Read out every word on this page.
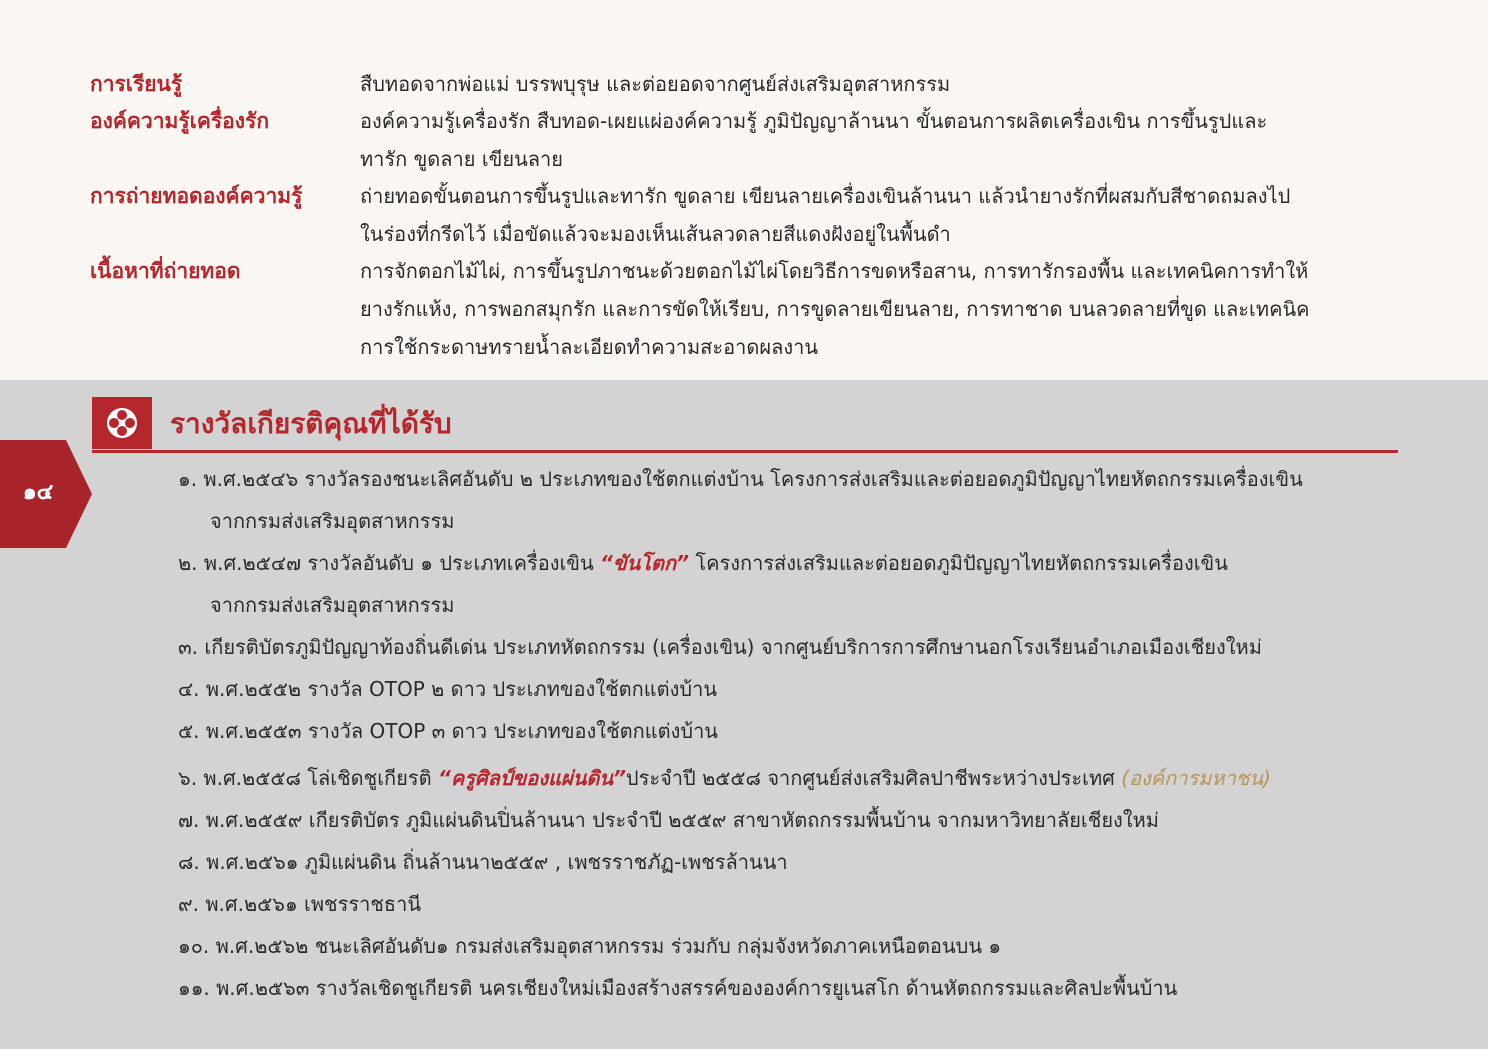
การเรียนรู้	สืบทอดจากพ่อแม่ บรรพบุรุษ และต่อยอดจากศูนย์ส่งเสริมอุตสาหกรรม
องค์ความรู้เครื่องรัก	องค์ความรู้เครื่องรัก สืบทอด-เผยแผ่องค์ความรู้ ภูมิปัญญาล้านนา ขั้นตอนการผลิตเครื่องเขิน การขึ้นรูปและ
ทารัก ขูดลาย เขียนลาย
การถ่ายทอดองค์ความรู้	ถ่ายทอดขั้นตอนการขึ้นรูปและทารัก ขูดลาย เขียนลายเครื่องเขินล้านนา แล้วนำยางรักที่ผสมกับสีชาดถมลงไป
ในร่องที่กรีดไว้ เมื่อขัดแล้วจะมองเห็นเส้นลวดลายสีแดงฝังอยู่ในพื้นดำ
เนื้อหาที่ถ่ายทอด	การจักตอกไม้ไผ่, การขึ้นรูปภาชนะด้วยตอกไม้ไผ่โดยวิธีการขดหรือสาน, การทารักรองพื้น และเทคนิคการทำให้
ยางรักแห้ง, การพอกสมุกรัก และการขัดให้เรียบ, การขูดลายเขียนลาย, การทาชาด บนลวดลายที่ขูด และเทคนิค
การใช้กระดาษทรายน้ำละเอียดทำความสะอาดผลงาน
รางวัลเกียรติคุณที่ได้รับ
๑๔
๑. พ.ศ.๒๕๔๖ รางวัลรองชนะเลิศอันดับ ๒ ประเภทของใช้ตกแต่งบ้าน โครงการส่งเสริมและต่อยอดภูมิปัญญาไทยหัตถกรรมเครื่องเขิน
จากกรมส่งเสริมอุตสาหกรรม
๒. พ.ศ.๒๕๔๗ รางวัลอันดับ ๑ ประเภทเครื่องเขิน “ขันโตก” โครงการส่งเสริมและต่อยอดภูมิปัญญาไทยหัตถกรรมเครื่องเขิน
จากกรมส่งเสริมอุตสาหกรรม
๓. เกียรติบัตรภูมิปัญญาท้องถิ่นดีเด่น ประเภทหัตถกรรม (เครื่องเขิน) จากศูนย์บริการการศึกษานอกโรงเรียนอำเภอเมืองเชียงใหม่
๔. พ.ศ.๒๕๕๒ รางวัล OTOP ๒ ดาว ประเภทของใช้ตกแต่งบ้าน
๕. พ.ศ.๒๕๕๓ รางวัล OTOP ๓ ดาว ประเภทของใช้ตกแต่งบ้าน
๖. พ.ศ.๒๕๕๘ โล่เชิดชูเกียรติ “ครูศิลป์ของแผ่นดิน”ประจำปี ๒๕๕๘ จากศูนย์ส่งเสริมศิลปาชีพระหว่างประเทศ (องค์การมหาชน)
๗. พ.ศ.๒๕๕๙ เกียรติบัตร ภูมิแผ่นดินปิ่นล้านนา ประจำปี ๒๕๕๙ สาขาหัตถกรรมพื้นบ้าน จากมหาวิทยาลัยเชียงใหม่
๘. พ.ศ.๒๕๖๑ ภูมิแผ่นดิน ถิ่นล้านนา๒๕๕๙ , เพชรราชภัฏ-เพชรล้านนา
๙. พ.ศ.๒๕๖๑ เพชรราชธานี
๑๐. พ.ศ.๒๕๖๒ ชนะเลิศอันดับ๑ กรมส่งเสริมอุตสาหกรรม ร่วมกับ กลุ่มจังหวัดภาคเหนือตอนบน ๑
๑๑. พ.ศ.๒๕๖๓ รางวัลเชิดชูเกียรติ นครเชียงใหม่เมืองสร้างสรรค์ขององค์การยูเนสโก ด้านหัตถกรรมและศิลปะพื้นบ้าน
